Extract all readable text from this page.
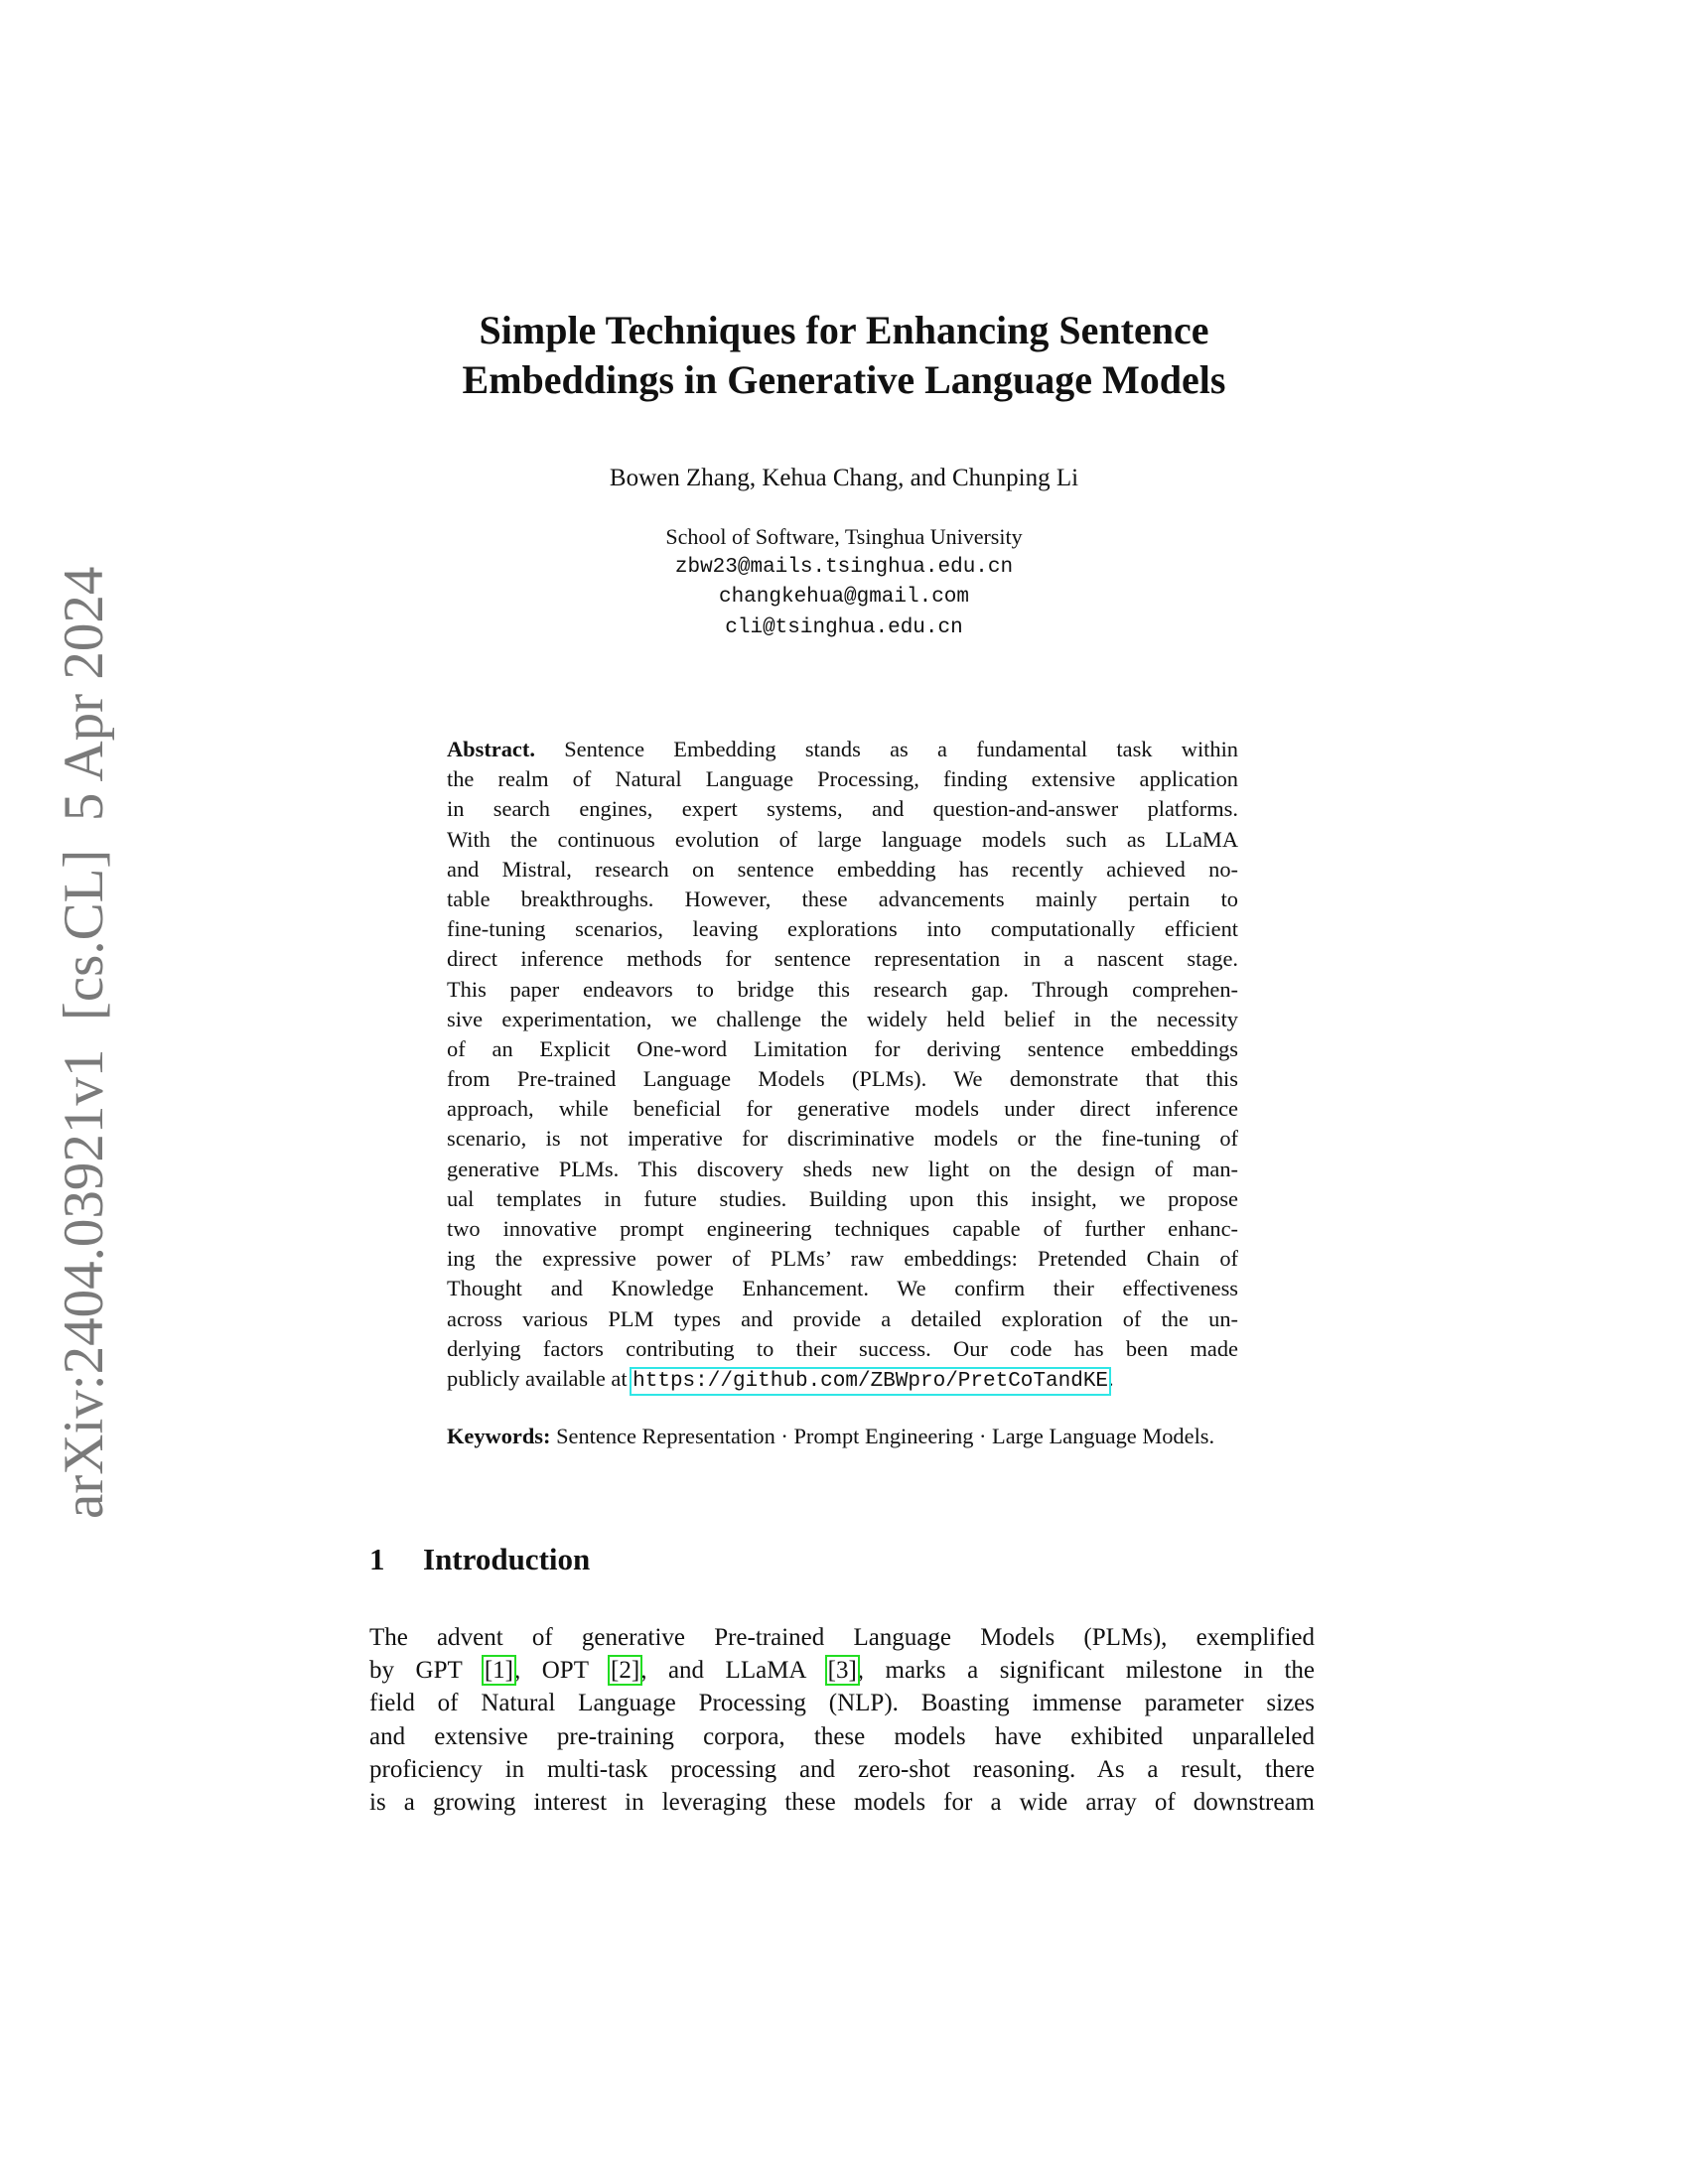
arXiv:2404.03921v1  [cs.CL]  5 Apr 2024
Simple Techniques for Enhancing Sentence
Embeddings in Generative Language Models
Bowen Zhang, Kehua Chang, and Chunping Li
School of Software, Tsinghua University
zbw23@mails.tsinghua.edu.cn
changkehua@gmail.com
cli@tsinghua.edu.cn
Abstract. Sentence Embedding stands as a fundamental task within
the realm of Natural Language Processing, finding extensive application
in search engines, expert systems, and question-and-answer platforms.
With the continuous evolution of large language models such as LLaMA
and Mistral, research on sentence embedding has recently achieved no-
table breakthroughs. However, these advancements mainly pertain to
fine-tuning scenarios, leaving explorations into computationally efficient
direct inference methods for sentence representation in a nascent stage.
This paper endeavors to bridge this research gap. Through comprehen-
sive experimentation, we challenge the widely held belief in the necessity
of an Explicit One-word Limitation for deriving sentence embeddings
from Pre-trained Language Models (PLMs). We demonstrate that this
approach, while beneficial for generative models under direct inference
scenario, is not imperative for discriminative models or the fine-tuning of
generative PLMs. This discovery sheds new light on the design of man-
ual templates in future studies. Building upon this insight, we propose
two innovative prompt engineering techniques capable of further enhanc-
ing the expressive power of PLMs’ raw embeddings: Pretended Chain of
Thought and Knowledge Enhancement. We confirm their effectiveness
across various PLM types and provide a detailed exploration of the un-
derlying factors contributing to their success. Our code has been made
publicly available at https://github.com/ZBWpro/PretCoTandKE.
Keywords: Sentence Representation · Prompt Engineering · Large Language Models.
1 Introduction
The advent of generative Pre-trained Language Models (PLMs), exemplified
by GPT [1], OPT [2], and LLaMA [3], marks a significant milestone in the
field of Natural Language Processing (NLP). Boasting immense parameter sizes
and extensive pre-training corpora, these models have exhibited unparalleled
proficiency in multi-task processing and zero-shot reasoning. As a result, there
is a growing interest in leveraging these models for a wide array of downstream
